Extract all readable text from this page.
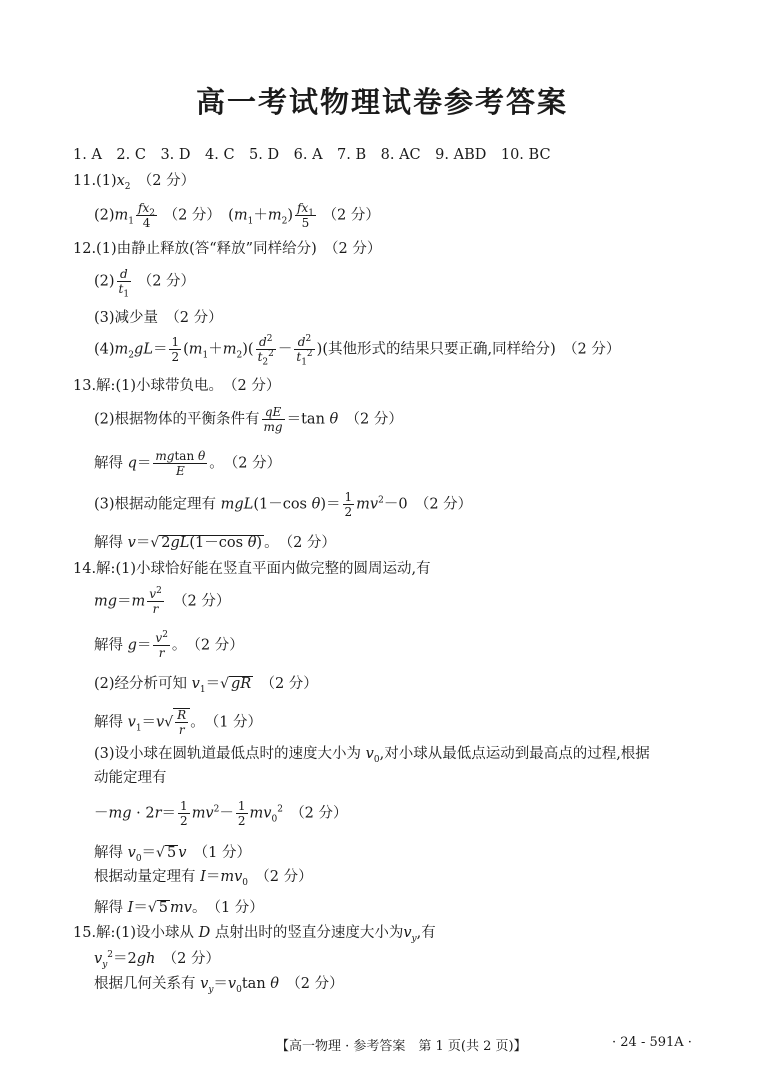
高一考试物理试卷参考答案
1. A　2. C　3. D　4. C　5. D　6. A　7. B　8. AC　9. ABD　10. BC
$11.(1)x_2$　 （2 分）
$(2)m_1 \frac{fx_2}{4} (2$ 分）　$(m_1+m_2) \frac{fx_1}{5} (2$ 分）
12.(1)由静止释放(答“释放”同样给分)　 （2 分）
$(2) \frac{d}{t_1} (2$ 分）
(3)减少量　 （2 分）
$(4)m_2gL= \frac{1}{2} (m_1+m_2)( \frac{d^2}{t_2^2} - \frac{d^2}{t_1^2}$ )(其他形式的结果只要正确,同样给分)　 （2 分）
13.解:(1)小球带负电。　 （2 分）
(2)根据物体的平衡条件有 $\frac{qE}{mg} =\tan$ θ　 （2 分）
解得 $q= \frac{\text{mgtan θ}}{E}$ 。　（2 分）
(3)根据动能定理有 mgL(1－cos $\theta)= \frac{1}{2} mv^2-0$　（2 分）
解得 v＝√ 2gL(1－cos θ) 。　（2 分）
14.解:(1)小球恰好能在竖直平面内做完整的圆周运动,有
$mg=m \frac{v^2}{r}$
　 （2 分）
解得 $g= \frac{v^2}{r}$ 。　（2 分）
(2)经分析可知 $v_1=√$ gR　 （2 分）
解得 $v_1=v√ \frac{R}{r}$ 。　（1 分）
(3)设小球在圆轨道最低点时的速度大小为 $v_0$,对小球从最低点运动到最高点的过程,根据
动能定理有
$-mg \cdot 2r= \frac{1}{2} mv^2- \frac{1}{2} mv_0^2$　 （2 分）
解得 $v_0=√$ 5 v　 （1 分）
根据动量定理有 $I=mv_0$　 （2 分）
解得 I＝√ 5 mv。　（1 分）
15.解:(1)设小球从 D 点射出时的竖直分速度大小为$v_y$,有
$v_y^2=2gh$　 （2 分）
根据几何关系有 $v_y=v_0\tan$ θ　 （2 分）
【高一物理 · 参考答案　第 1 页(共 2 页)】	· 24 - 591A ·
